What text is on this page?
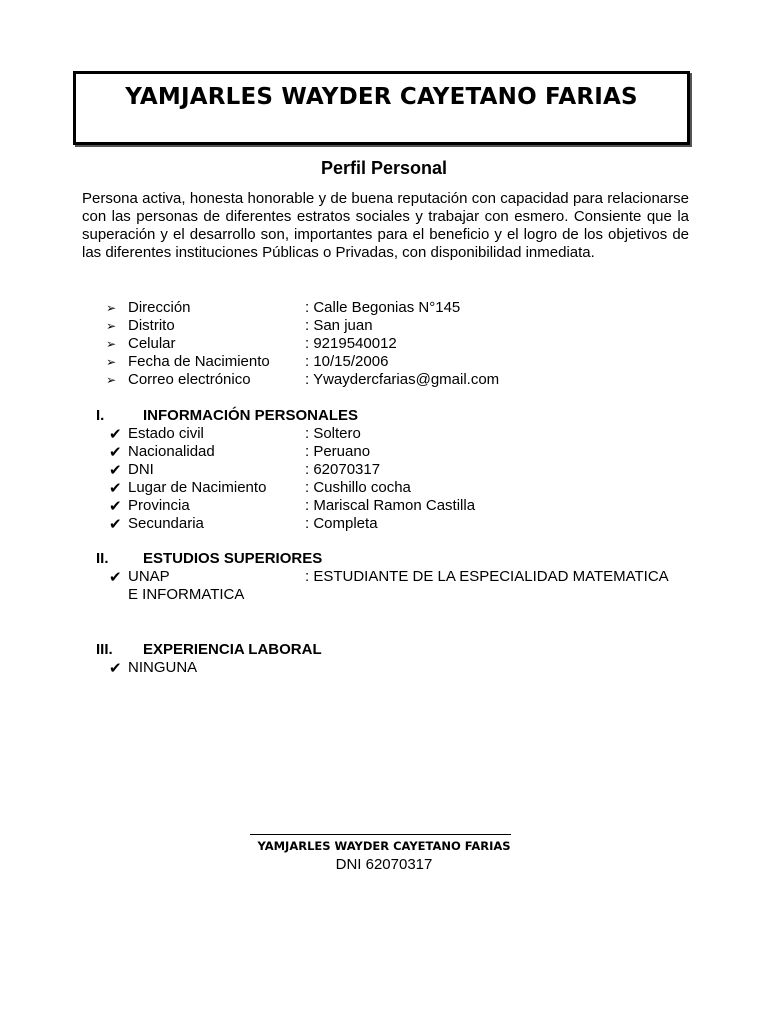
YAMJARLES WAYDER CAYETANO FARIAS
Perfil Personal
Persona activa, honesta honorable y de buena reputación con capacidad para relacionarse con las personas de diferentes estratos sociales y trabajar con esmero. Consiente que la superación y el desarrollo son, importantes para el beneficio y el logro de los objetivos de las diferentes instituciones Públicas o Privadas, con disponibilidad inmediata.
➢ Dirección	: Calle Begonias N°145
➢ Distrito	: San juan
➢ Celular	: 9219540012
➢ Fecha de Nacimiento : 10/15/2006
➢ Correo electrónico	: Ywaydercfarias@gmail.com
I.	INFORMACIÓN PERSONALES
✔ Estado civil	: Soltero
✔ Nacionalidad	: Peruano
✔ DNI	: 62070317
✔ Lugar de Nacimiento	: Cushillo cocha
✔ Provincia	: Mariscal Ramon Castilla
✔ Secundaria	: Completa
II. ESTUDIOS SUPERIORES
✔ UNAP	: ESTUDIANTE DE LA ESPECIALIDAD MATEMATICA
E INFORMATICA
III. EXPERIENCIA LABORAL
✔ NINGUNA
YAMJARLES WAYDER CAYETANO FARIAS
DNI 62070317
